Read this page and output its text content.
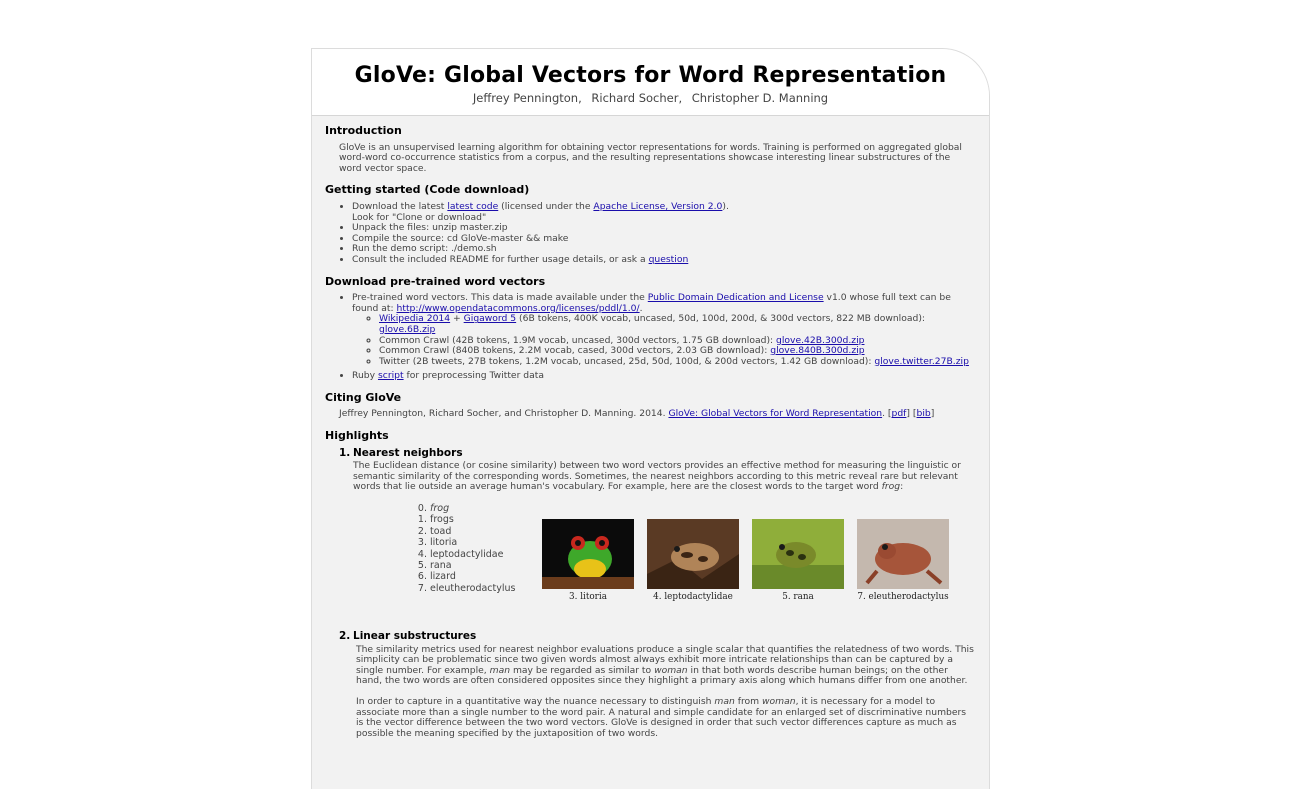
GloVe: Global Vectors for Word Representation
Jeffrey Pennington, Richard Socher, Christopher D. Manning
Introduction

GloVe is an unsupervised learning algorithm for obtaining vector representations for words. Training is performed on aggregated global word-word co-occurrence statistics from a corpus, and the resulting representations showcase interesting linear substructures of the word vector space.

Getting started (Code download)
• Download the latest latest code (licensed under the Apache License, Version 2.0).
Look for "Clone or download"
• Unpack the files: unzip master.zip
• Compile the source: cd GloVe-master && make
• Run the demo script: ./demo.sh
• Consult the included README for further usage details, or ask a question
Download pre-trained word vectors
• Pre-trained word vectors. This data is made available under the Public Domain Dedication and License v1.0 whose full text can be found at: http://www.opendatacommons.org/licenses/pddl/1.0/.
◦ Wikipedia 2014 + Gigaword 5 (6B tokens, 400K vocab, uncased, 50d, 100d, 200d, & 300d vectors, 822 MB download): glove.6B.zip
◦ Common Crawl (42B tokens, 1.9M vocab, uncased, 300d vectors, 1.75 GB download): glove.42B.300d.zip
◦ Common Crawl (840B tokens, 2.2M vocab, cased, 300d vectors, 2.03 GB download): glove.840B.300d.zip
◦ Twitter (2B tweets, 27B tokens, 1.2M vocab, uncased, 25d, 50d, 100d, & 200d vectors, 1.42 GB download): glove.twitter.27B.zip
• Ruby script for preprocessing Twitter data
Citing GloVe

Jeffrey Pennington, Richard Socher, and Christopher D. Manning. 2014. GloVe: Global Vectors for Word Representation. [pdf] [bib]

Highlights
1. Nearest neighbors
The Euclidean distance (or cosine similarity) between two word vectors provides an effective method for measuring the linguistic or semantic similarity of the corresponding words. Sometimes, the nearest neighbors according to this metric reveal rare but relevant words that lie outside an average human's vocabulary. For example, here are the closest words to the target word frog:
0. frog
1. frogs
2. toad
3. litoria
4. leptodactylidae
5. rana
6. lizard
7. eleutherodactylus
3. litoria	4. leptodactylidae	5. rana	7. eleutherodactylus
2. Linear substructures

The similarity metrics used for nearest neighbor evaluations produce a single scalar that quantifies the relatedness of two words. This simplicity can be problematic since two given words almost always exhibit more intricate relationships than can be captured by a single number. For example, man may be regarded as similar to woman in that both words describe human beings; on the other hand, the two words are often considered opposites since they highlight a primary axis along which humans differ from one another.

In order to capture in a quantitative way the nuance necessary to distinguish man from woman, it is necessary for a model to associate more than a single number to the word pair. A natural and simple candidate for an enlarged set of discriminative numbers is the vector difference between the two word vectors. GloVe is designed in order that such vector differences capture as much as possible the meaning specified by the juxtaposition of two words.
